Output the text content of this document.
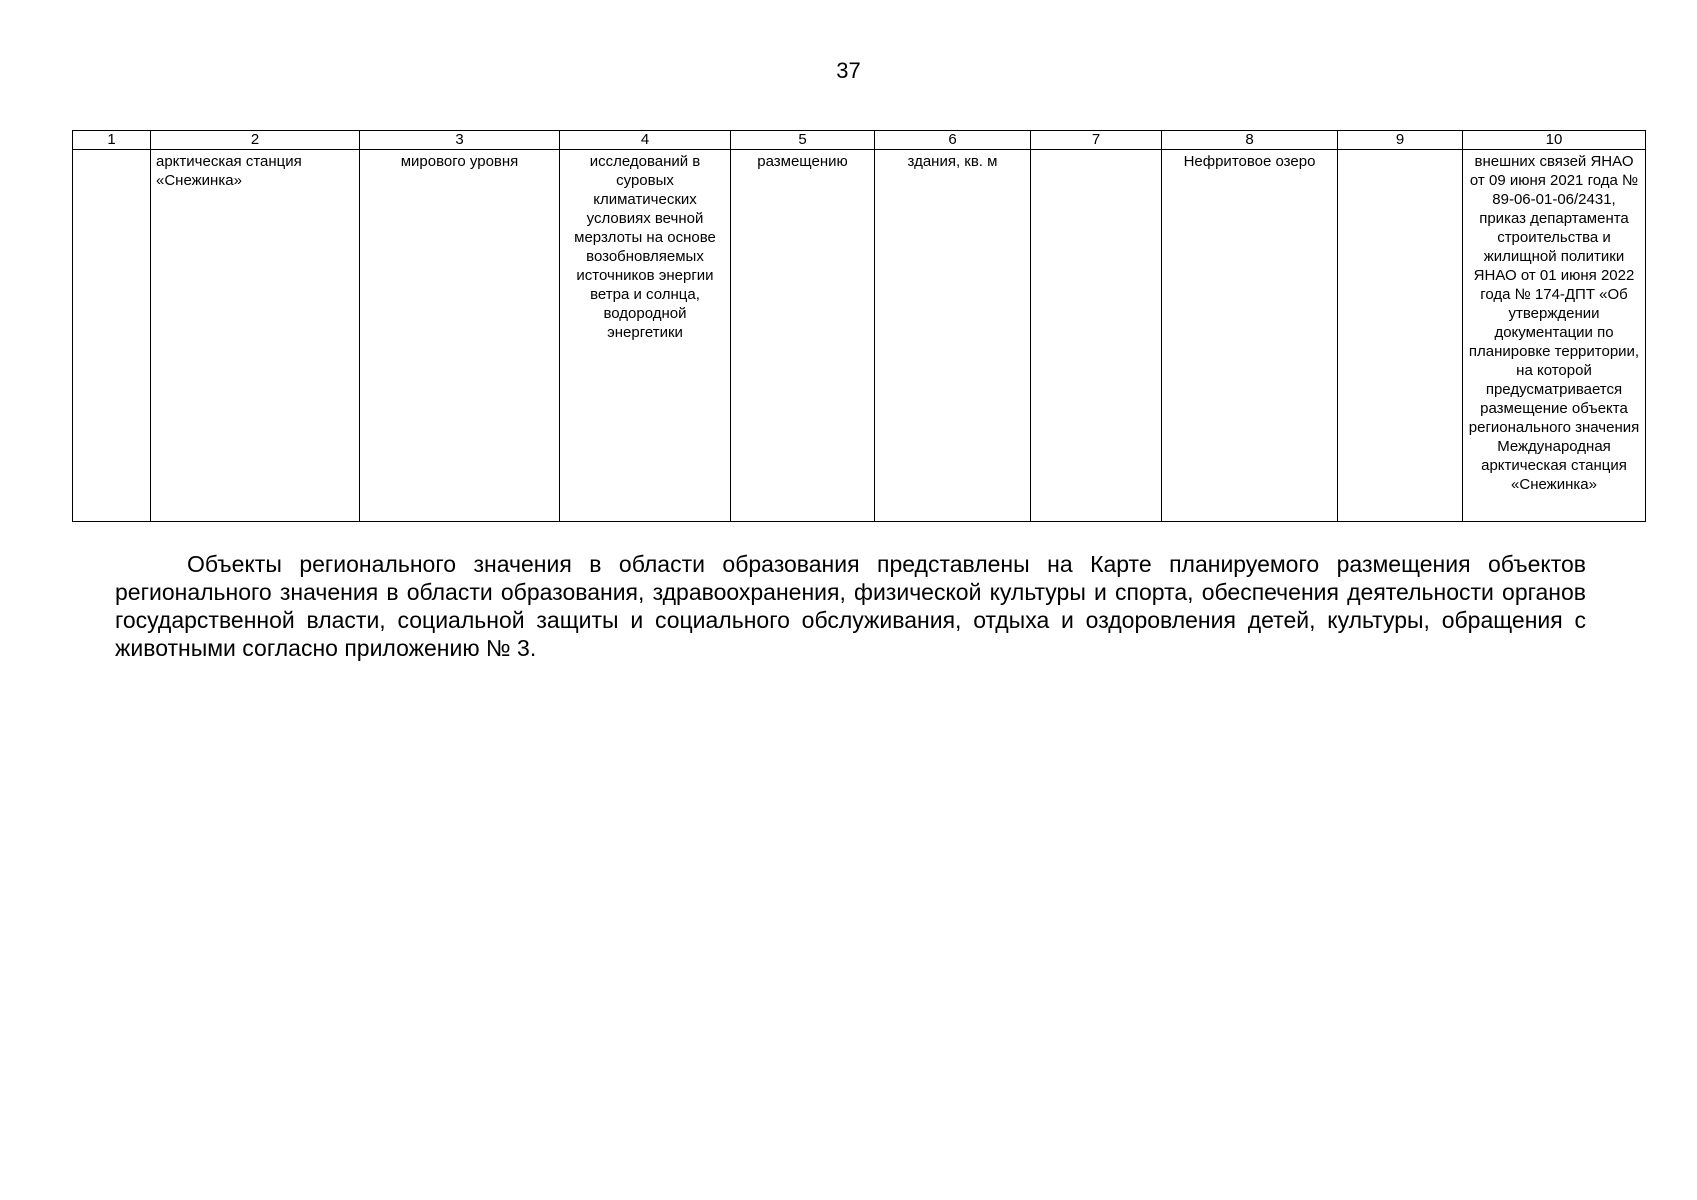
37
1	2	3	4	5	6	7	8	9	10
	арктическая станция «Снежинка»	мирового уровня	исследований в суровых климатических условиях вечной мерзлоты на основе возобновляемых источников энергии ветра и солнца, водородной энергетики	размещению	здания, кв. м		Нефритовое озеро		внешних связей ЯНАО от 09 июня 2021 года № 89-06-01-06/2431, приказ департамента строительства и жилищной политики ЯНАО от 01 июня 2022 года № 174-ДПТ «Об утверждении документации по планировке территории, на которой предусматривается размещение объекта регионального значения Международная арктическая станция «Снежинка»

Объекты регионального значения в области образования представлены на Карте планируемого размещения объектов регионального значения в области образования, здравоохранения, физической культуры и спорта, обеспечения деятельности органов государственной власти, социальной защиты и социального обслуживания, отдыха и оздоровления детей, культуры, обращения с животными согласно приложению № 3.
